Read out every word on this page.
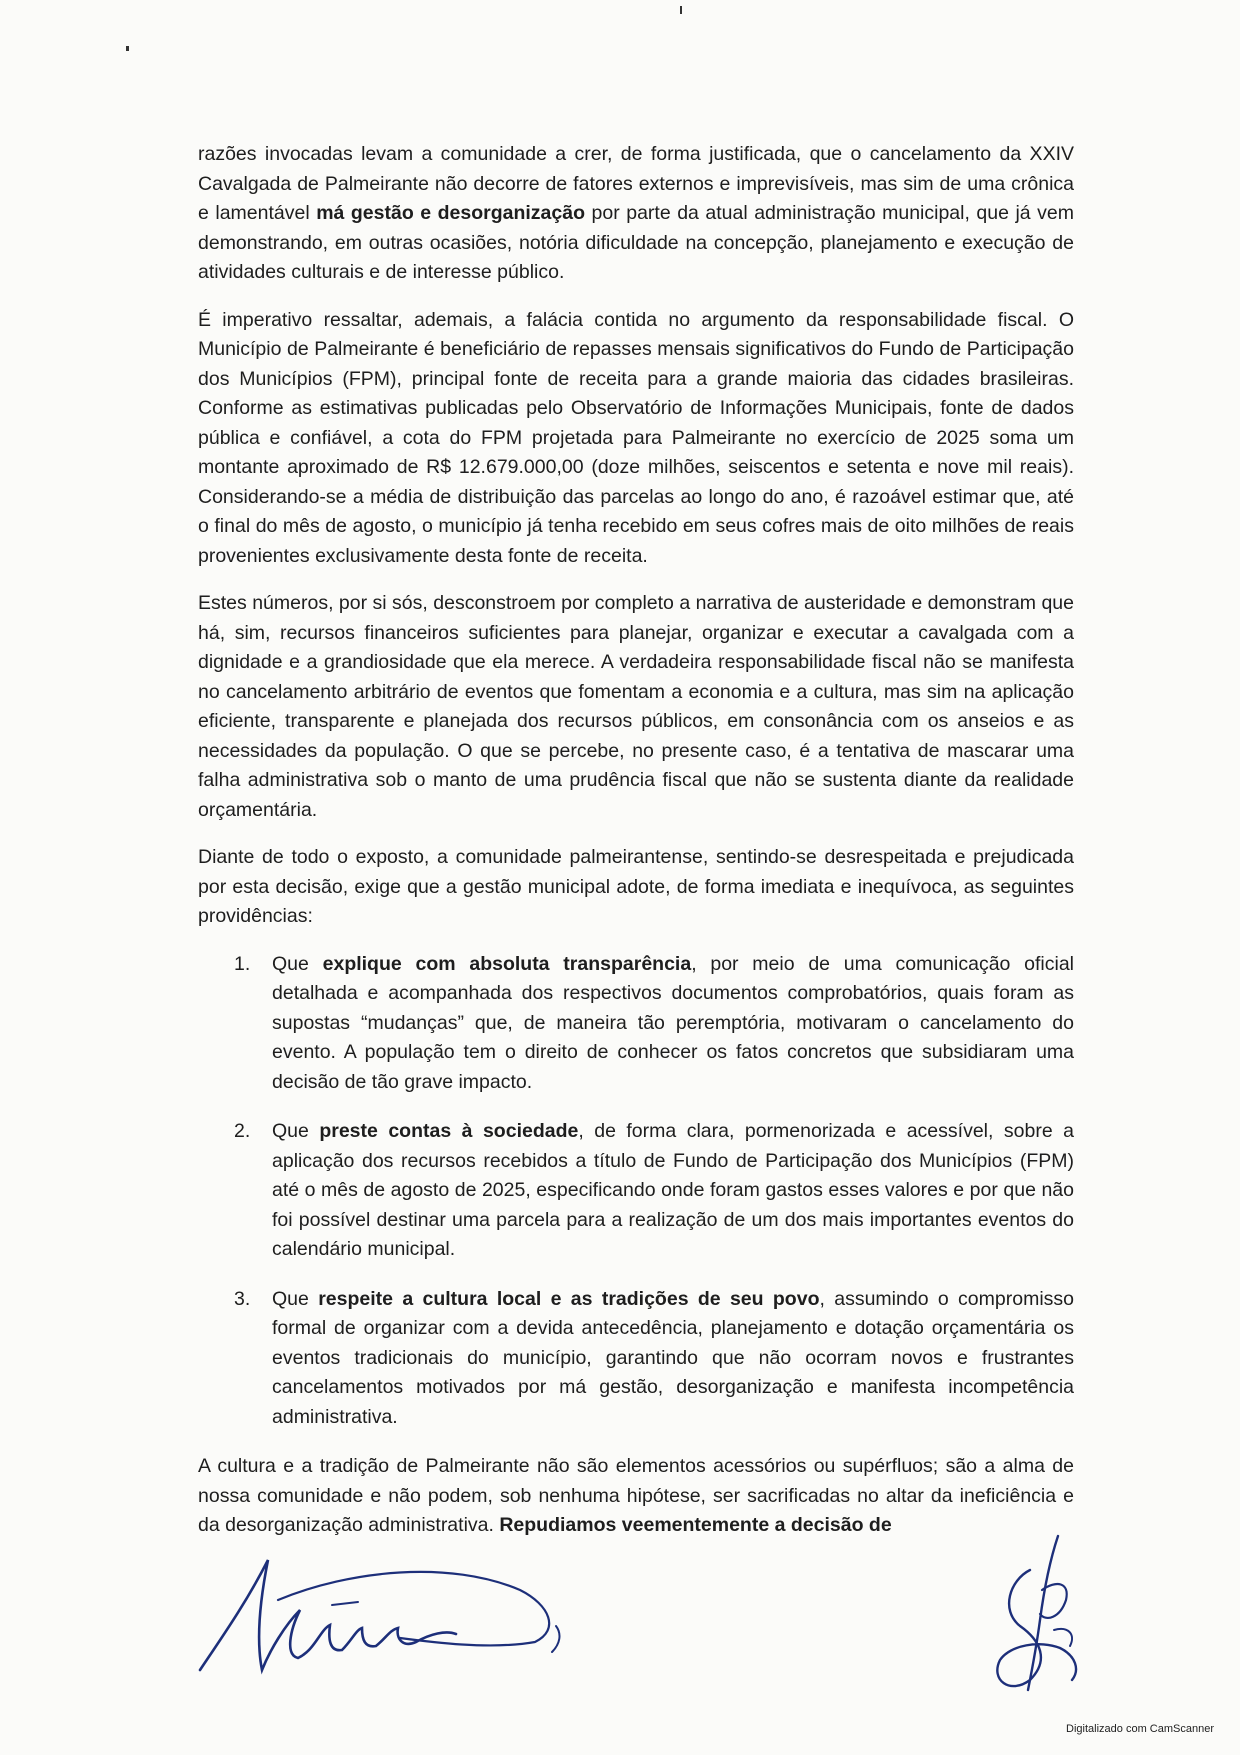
razões invocadas levam a comunidade a crer, de forma justificada, que o cancelamento da XXIV Cavalgada de Palmeirante não decorre de fatores externos e imprevisíveis, mas sim de uma crônica e lamentável má gestão e desorganização por parte da atual administração municipal, que já vem demonstrando, em outras ocasiões, notória dificuldade na concepção, planejamento e execução de atividades culturais e de interesse público.

É imperativo ressaltar, ademais, a falácia contida no argumento da responsabilidade fiscal. O Município de Palmeirante é beneficiário de repasses mensais significativos do Fundo de Participação dos Municípios (FPM), principal fonte de receita para a grande maioria das cidades brasileiras. Conforme as estimativas publicadas pelo Observatório de Informações Municipais, fonte de dados pública e confiável, a cota do FPM projetada para Palmeirante no exercício de 2025 soma um montante aproximado de R$ 12.679.000,00 (doze milhões, seiscentos e setenta e nove mil reais). Considerando-se a média de distribuição das parcelas ao longo do ano, é razoável estimar que, até o final do mês de agosto, o município já tenha recebido em seus cofres mais de oito milhões de reais provenientes exclusivamente desta fonte de receita.

Estes números, por si sós, desconstroem por completo a narrativa de austeridade e demonstram que há, sim, recursos financeiros suficientes para planejar, organizar e executar a cavalgada com a dignidade e a grandiosidade que ela merece. A verdadeira responsabilidade fiscal não se manifesta no cancelamento arbitrário de eventos que fomentam a economia e a cultura, mas sim na aplicação eficiente, transparente e planejada dos recursos públicos, em consonância com os anseios e as necessidades da população. O que se percebe, no presente caso, é a tentativa de mascarar uma falha administrativa sob o manto de uma prudência fiscal que não se sustenta diante da realidade orçamentária.

Diante de todo o exposto, a comunidade palmeirantense, sentindo-se desrespeitada e prejudicada por esta decisão, exige que a gestão municipal adote, de forma imediata e inequívoca, as seguintes providências:

1. Que explique com absoluta transparência, por meio de uma comunicação oficial detalhada e acompanhada dos respectivos documentos comprobatórios, quais foram as supostas “mudanças” que, de maneira tão peremptória, motivaram o cancelamento do evento. A população tem o direito de conhecer os fatos concretos que subsidiaram uma decisão de tão grave impacto.
2. Que preste contas à sociedade, de forma clara, pormenorizada e acessível, sobre a aplicação dos recursos recebidos a título de Fundo de Participação dos Municípios (FPM) até o mês de agosto de 2025, especificando onde foram gastos esses valores e por que não foi possível destinar uma parcela para a realização de um dos mais importantes eventos do calendário municipal.
3. Que respeite a cultura local e as tradições de seu povo, assumindo o compromisso formal de organizar com a devida antecedência, planejamento e dotação orçamentária os eventos tradicionais do município, garantindo que não ocorram novos e frustrantes cancelamentos motivados por má gestão, desorganização e manifesta incompetência administrativa.

A cultura e a tradição de Palmeirante não são elementos acessórios ou supérfluos; são a alma de nossa comunidade e não podem, sob nenhuma hipótese, ser sacrificadas no altar da ineficiência e da desorganização administrativa. Repudiamos veementemente a decisão de

Digitalizado com CamScanner
